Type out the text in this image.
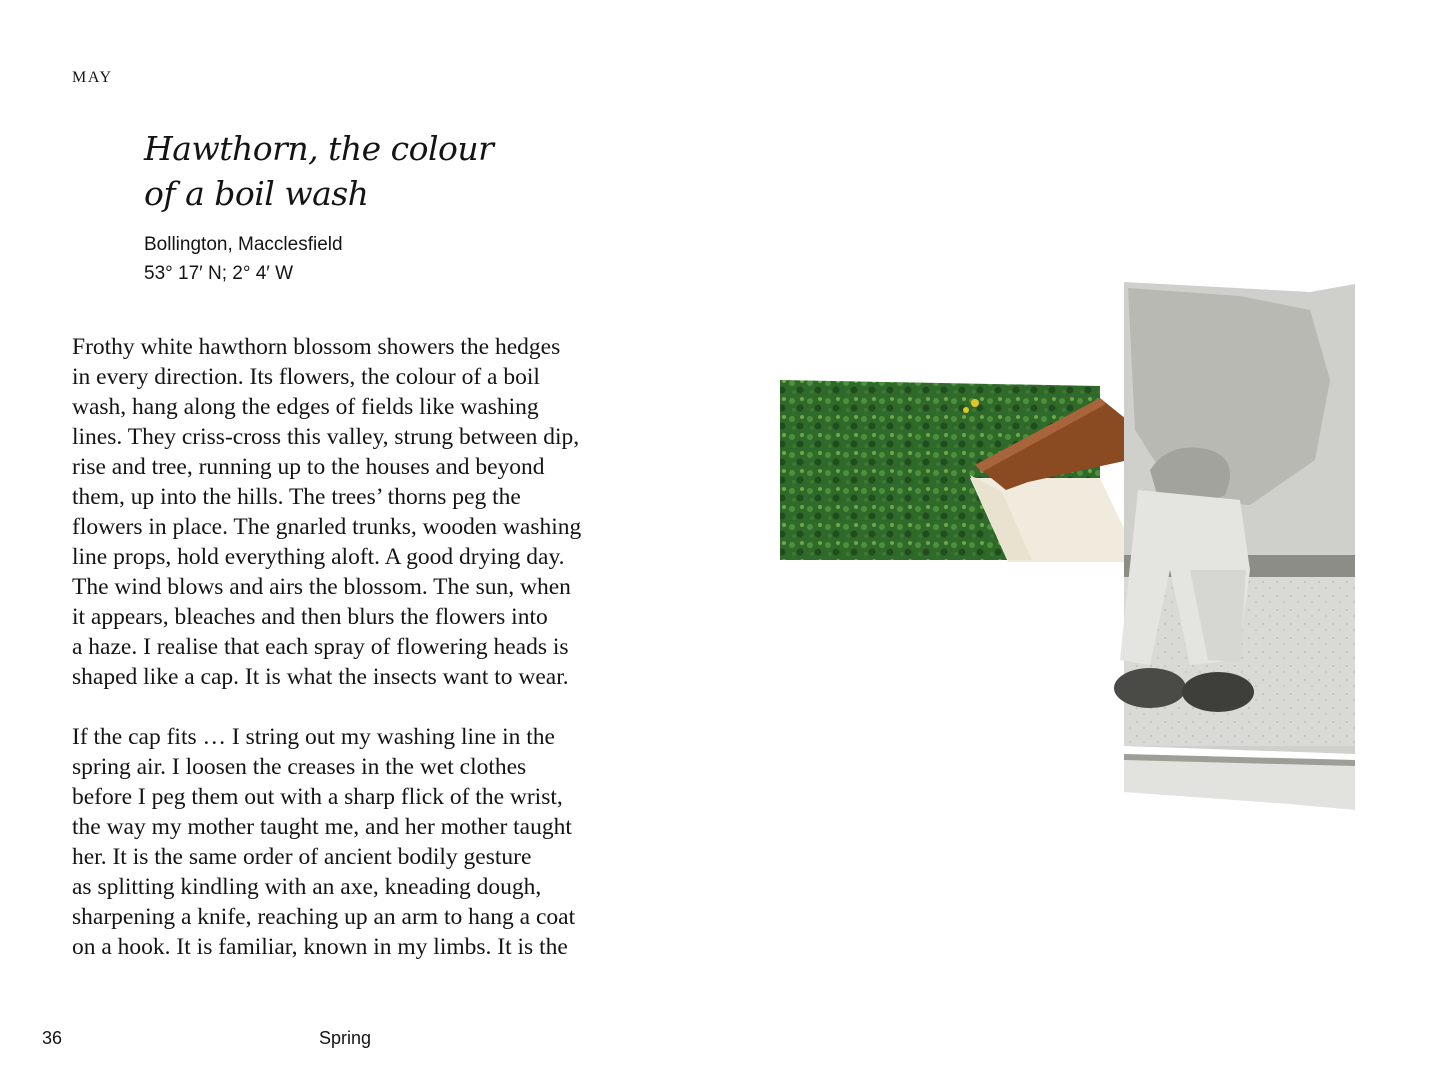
MAY
Hawthorn, the colour
of a boil wash
Bollington, Macclesfield
53° 17′ N; 2° 4′ W

Frothy white hawthorn blossom showers the hedges
in every direction. Its flowers, the colour of a boil
wash, hang along the edges of fields like washing
lines. They criss-cross this valley, strung between dip,
rise and tree, running up to the houses and beyond
them, up into the hills. The trees’ thorns peg the
flowers in place. The gnarled trunks, wooden washing
line props, hold everything aloft. A good drying day.
The wind blows and airs the blossom. The sun, when
it appears, bleaches and then blurs the flowers into
a haze. I realise that each spray of flowering heads is
shaped like a cap. It is what the insects want to wear.

If the cap fits … I string out my washing line in the
spring air. I loosen the creases in the wet clothes
before I peg them out with a sharp flick of the wrist,
the way my mother taught me, and her mother taught
her. It is the same order of ancient bodily gesture
as splitting kindling with an axe, kneading dough,
sharpening a knife, reaching up an arm to hang a coat
on a hook. It is familiar, known in my limbs. It is the

36	Spring
